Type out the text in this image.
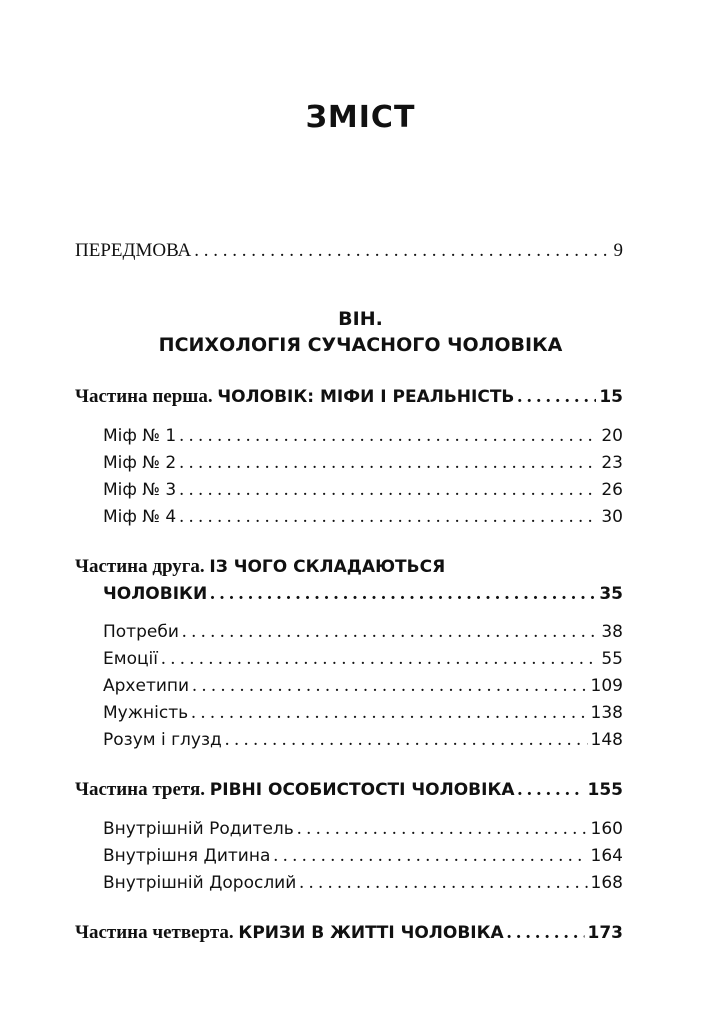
ЗМІСТ
ПЕРЕДМОВА . . .	9
ВІН.
ПСИХОЛОГІЯ СУЧАСНОГО ЧОЛОВІКА
Частина перша.
ЧОЛОВІК: МІФИ І РЕАЛЬНІСТЬ . . .	15
Міф № 1 . . .	20
Міф № 2 . . .	23
Міф № 3 . . .	26
Міф № 4 . . .	30
Частина друга. ІЗ ЧОГО СКЛАДАЮТЬСЯ
ЧОЛОВІКИ . . .	35
Потреби . . .	38
Емоції . . .	55
Архетипи . . .	109
Мужність . . .	138
Розум і глузд . . .	148
Частина третя.
РІВНІ ОСОБИСТОСТІ ЧОЛОВІКА . . .	155
Внутрішній Родитель . . .	160
Внутрішня Дитина . . .	164
Внутрішній Дорослий . . .	168
Частина четверта.
КРИЗИ В ЖИТТІ ЧОЛОВІКА . . .	173
